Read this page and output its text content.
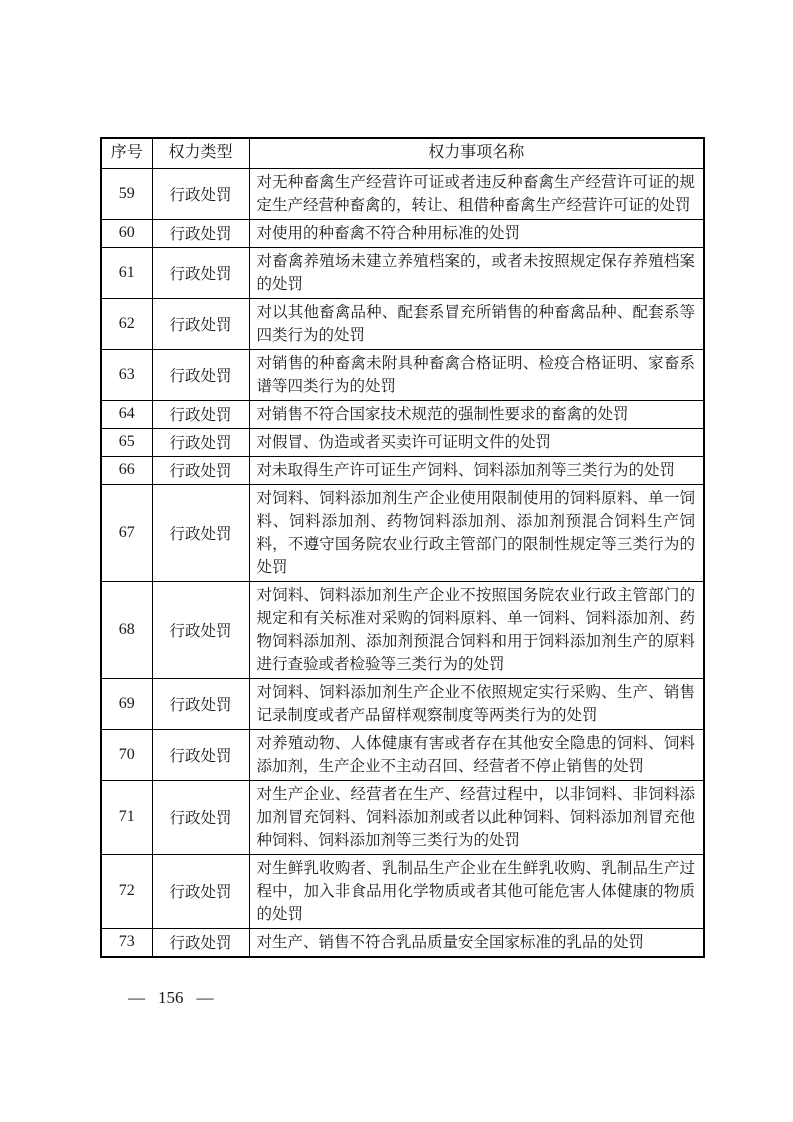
序号	权力类型	权力事项名称
59	行政处罚	对无种畜禽生产经营许可证或者违反种畜禽生产经营许可证的规定生产经营种畜禽的，转让、租借种畜禽生产经营许可证的处罚
60	行政处罚	对使用的种畜禽不符合种用标准的处罚
61	行政处罚	对畜禽养殖场未建立养殖档案的，或者未按照规定保存养殖档案的处罚
62	行政处罚	对以其他畜禽品种、配套系冒充所销售的种畜禽品种、配套系等四类行为的处罚
63	行政处罚	对销售的种畜禽未附具种畜禽合格证明、检疫合格证明、家畜系谱等四类行为的处罚
64	行政处罚	对销售不符合国家技术规范的强制性要求的畜禽的处罚
65	行政处罚	对假冒、伪造或者买卖许可证明文件的处罚
66	行政处罚	对未取得生产许可证生产饲料、饲料添加剂等三类行为的处罚
67	行政处罚	对饲料、饲料添加剂生产企业使用限制使用的饲料原料、单一饲料、饲料添加剂、药物饲料添加剂、添加剂预混合饲料生产饲料，不遵守国务院农业行政主管部门的限制性规定等三类行为的处罚
68	行政处罚	对饲料、饲料添加剂生产企业不按照国务院农业行政主管部门的规定和有关标准对采购的饲料原料、单一饲料、饲料添加剂、药物饲料添加剂、添加剂预混合饲料和用于饲料添加剂生产的原料进行查验或者检验等三类行为的处罚
69	行政处罚	对饲料、饲料添加剂生产企业不依照规定实行采购、生产、销售记录制度或者产品留样观察制度等两类行为的处罚
70	行政处罚	对养殖动物、人体健康有害或者存在其他安全隐患的饲料、饲料添加剂，生产企业不主动召回、经营者不停止销售的处罚
71	行政处罚	对生产企业、经营者在生产、经营过程中，以非饲料、非饲料添加剂冒充饲料、饲料添加剂或者以此种饲料、饲料添加剂冒充他种饲料、饲料添加剂等三类行为的处罚
72	行政处罚	对生鲜乳收购者、乳制品生产企业在生鲜乳收购、乳制品生产过程中，加入非食品用化学物质或者其他可能危害人体健康的物质的处罚
73	行政处罚	对生产、销售不符合乳品质量安全国家标准的乳品的处罚
— 156 —
